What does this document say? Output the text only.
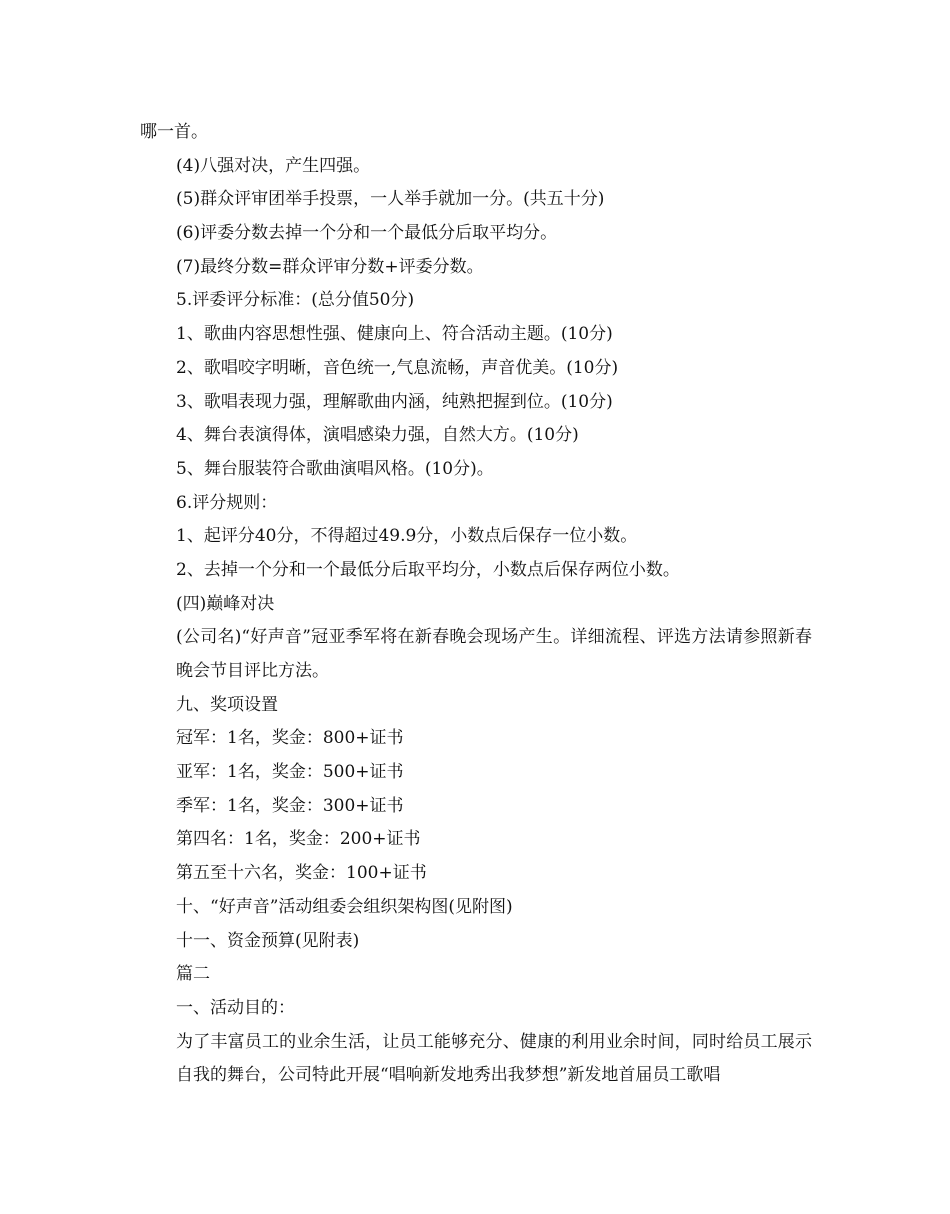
哪一首。

(4)八强对决，产生四强。

(5)群众评审团举手投票，一人举手就加一分。(共五十分)

(6)评委分数去掉一个分和一个最低分后取平均分。

(7)最终分数=群众评审分数+评委分数。

5.评委评分标准：(总分值50分)

1、歌曲内容思想性强、健康向上、符合活动主题。(10分)

2、歌唱咬字明晰，音色统一,气息流畅，声音优美。(10分)

3、歌唱表现力强，理解歌曲内涵，纯熟把握到位。(10分)

4、舞台表演得体，演唱感染力强，自然大方。(10分)

5、舞台服装符合歌曲演唱风格。(10分)。

6.评分规则：

1、起评分40分，不得超过49.9分，小数点后保存一位小数。

2、去掉一个分和一个最低分后取平均分，小数点后保存两位小数。

(四)巅峰对决

(公司名)“好声音”冠亚季军将在新春晚会现场产生。详细流程、评选方法请参照新春晚会节目评比方法。

九、奖项设置

冠军：1名，奖金：800+证书

亚军：1名，奖金：500+证书

季军：1名，奖金：300+证书

第四名：1名，奖金：200+证书

第五至十六名，奖金：100+证书

十、“好声音”活动组委会组织架构图(见附图)

十一、资金预算(见附表)

篇二

一、活动目的：

为了丰富员工的业余生活，让员工能够充分、健康的利用业余时间，同时给员工展示自我的舞台，公司特此开展“唱响新发地秀出我梦想”新发地首届员工歌唱
